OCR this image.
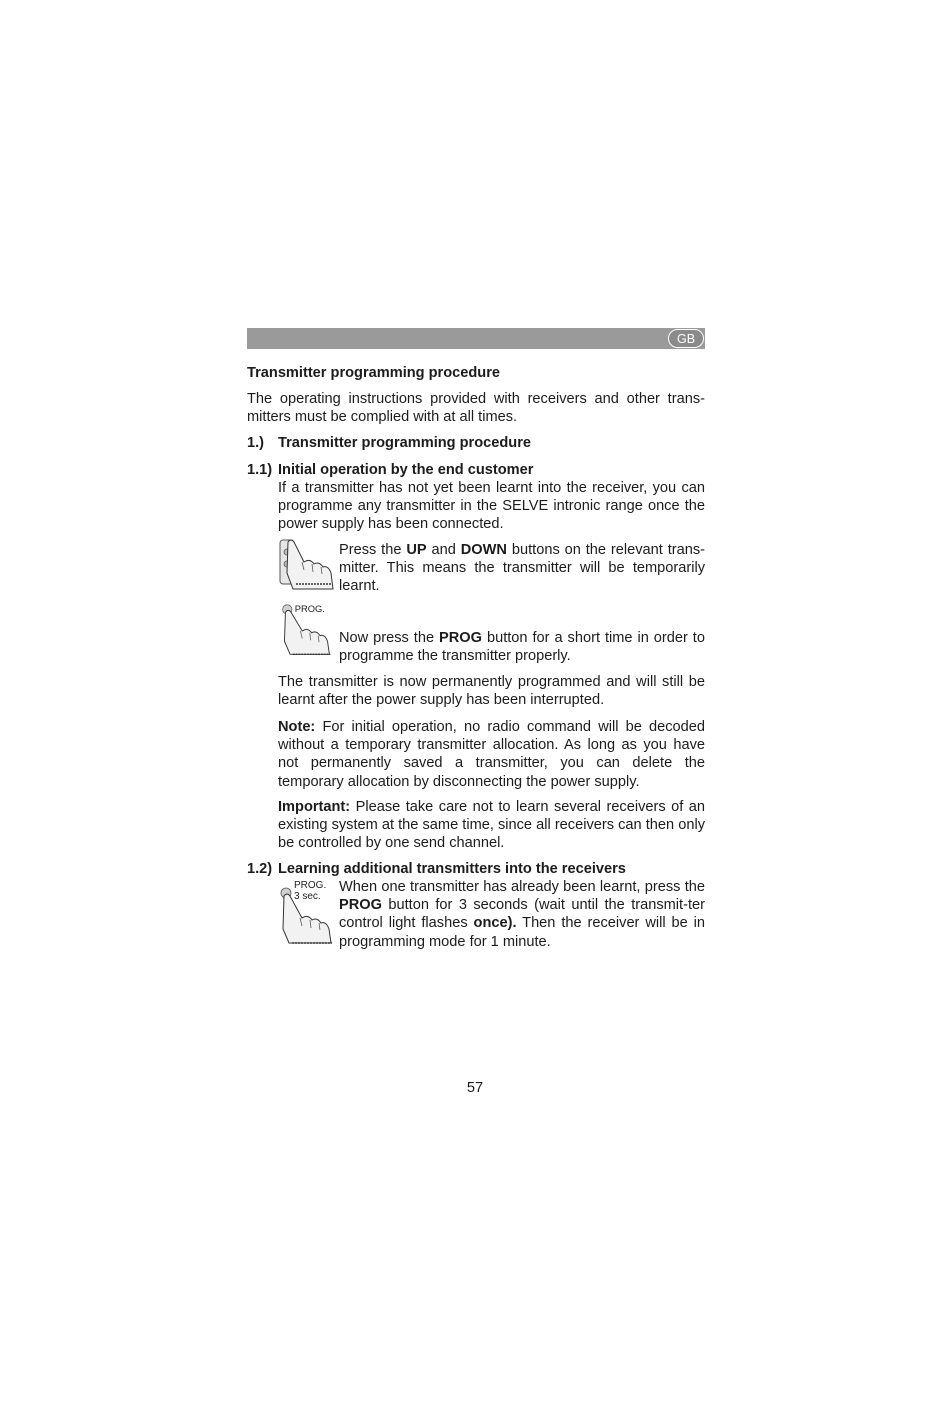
GB

Transmitter programming procedure

The operating instructions provided with receivers and other trans-mitters must be complied with at all times.

1.) Transmitter programming procedure
1.1) Initial operation by the end customer

If a transmitter has not yet been learnt into the receiver, you can programme any transmitter in the SELVE intronic range once the power supply has been connected.

Press the UP and DOWN buttons on the relevant trans-mitter. This means the transmitter will be temporarily learnt.

PROG.

Now press the PROG button for a short time in order to programme the transmitter properly.

The transmitter is now permanently programmed and will still be learnt after the power supply has been interrupted.

Note: For initial operation, no radio command will be decoded without a temporary transmitter allocation. As long as you have not permanently saved a transmitter, you can delete the temporary allocation by disconnecting the power supply.

Important: Please take care not to learn several receivers of an existing system at the same time, since all receivers can then only be controlled by one send channel.

1.2) Learning additional transmitters into the receivers
PROG.
3 sec.

When one transmitter has already been learnt, press the PROG button for 3 seconds (wait until the transmit-ter control light flashes once). Then the receiver will be in programming mode for 1 minute.

57
